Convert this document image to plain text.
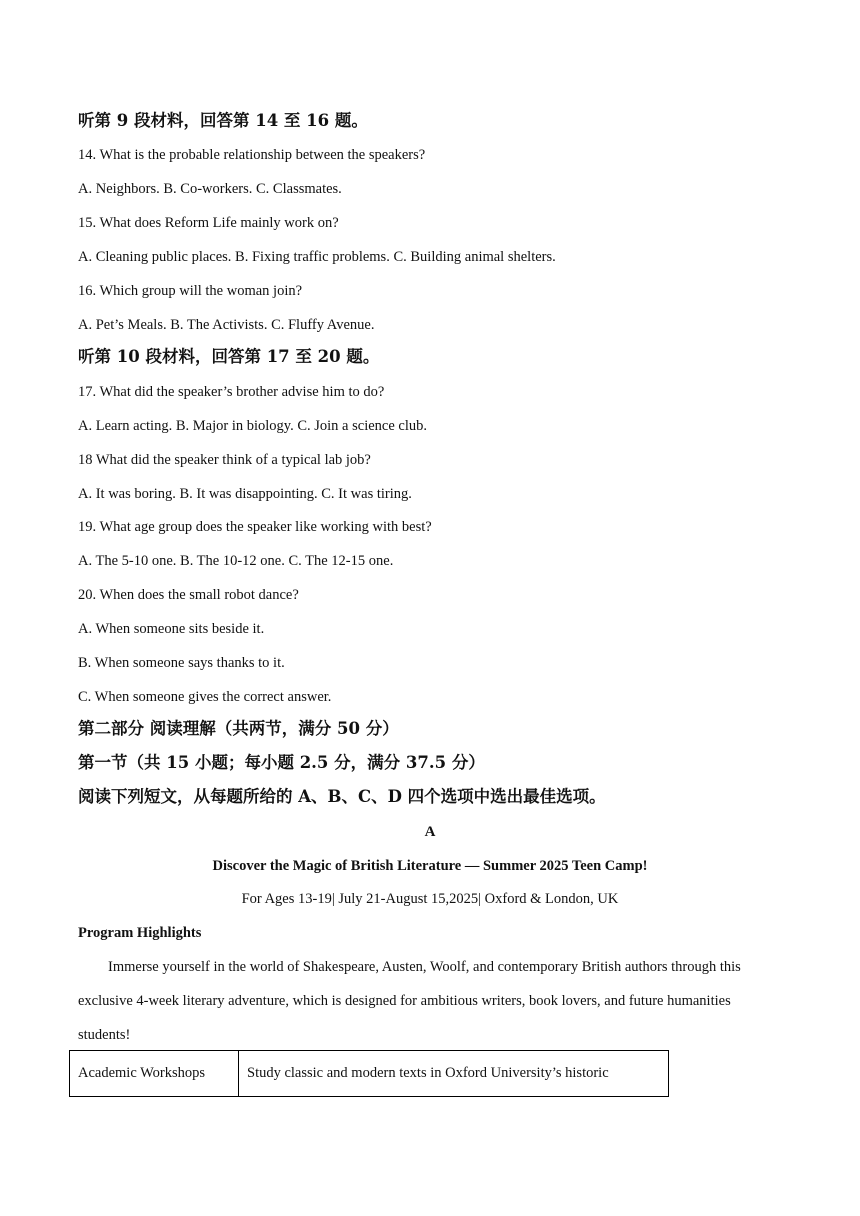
听第 9 段材料，回答第 14 至 16 题。
14. What is the probable relationship between the speakers?
A. Neighbors. B. Co-workers. C. Classmates.
15. What does Reform Life mainly work on?
A. Cleaning public places. B. Fixing traffic problems. C. Building animal shelters.
16. Which group will the woman join?
A. Pet’s Meals. B. The Activists. C. Fluffy Avenue.
听第 10 段材料，回答第 17 至 20 题。
17. What did the speaker’s brother advise him to do?
A. Learn acting. B. Major in biology. C. Join a science club.
18 What did the speaker think of a typical lab job?
A. It was boring. B. It was disappointing. C. It was tiring.
19. What age group does the speaker like working with best?
A. The 5-10 one. B. The 10-12 one. C. The 12-15 one.
20. When does the small robot dance?
A. When someone sits beside it.
B. When someone says thanks to it.
C. When someone gives the correct answer.
第二部分 阅读理解（共两节，满分 50 分）
第一节（共 15 小题；每小题 2.5 分，满分 37.5 分）
阅读下列短文，从每题所给的 A、B、C、D 四个选项中选出最佳选项。
A
Discover the Magic of British Literature — Summer 2025 Teen Camp!
For Ages 13-19| July 21-August 15,2025| Oxford & London, UK
Program Highlights
Immerse yourself in the world of Shakespeare, Austen, Woolf, and contemporary British authors through this
exclusive 4-week literary adventure, which is designed for ambitious writers, book lovers, and future humanities
students!
Academic Workshops	Study classic and modern texts in Oxford University’s historic
